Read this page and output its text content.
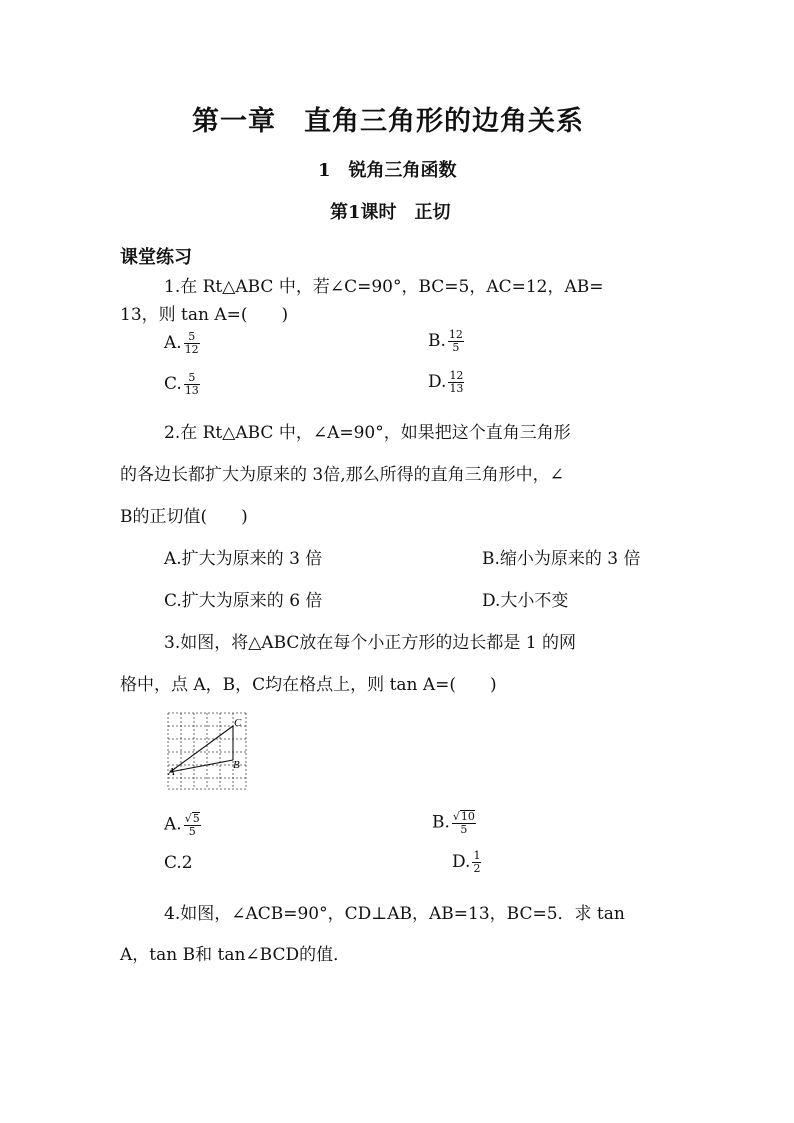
第一章　直角三角形的边角关系
1　锐角三角函数
第1课时　正切
课堂练习
1.在 Rt△ABC 中，若∠C=90°，BC=5，AC=12，AB=
13，则 tan A=(　　)
A. $\frac{5}{12}$	B. $\frac{12}{5}$
C. $\frac{5}{13}$	D. $\frac{12}{13}$
2.在 Rt△ABC 中，∠A=90°，如果把这个直角三角形
的各边长都扩大为原来的 3倍,那么所得的直角三角形中，∠
B的正切值(　　)
A.扩大为原来的 3 倍	B.缩小为原来的 3 倍
C.扩大为原来的 6 倍	D.大小不变
3.如图，将△ABC放在每个小正方形的边长都是 1 的网
格中，点 A，B，C均在格点上，则 tan A=(　　)
C
B
A
A. $\frac{√5}{5}$	B. $\frac{√10}{5}$
C.2	D. $\frac{1}{2}$
4.如图，∠ACB=90°，CD⊥AB，AB=13，BC=5．求 tan
A，tan B和 tan∠BCD的值．
